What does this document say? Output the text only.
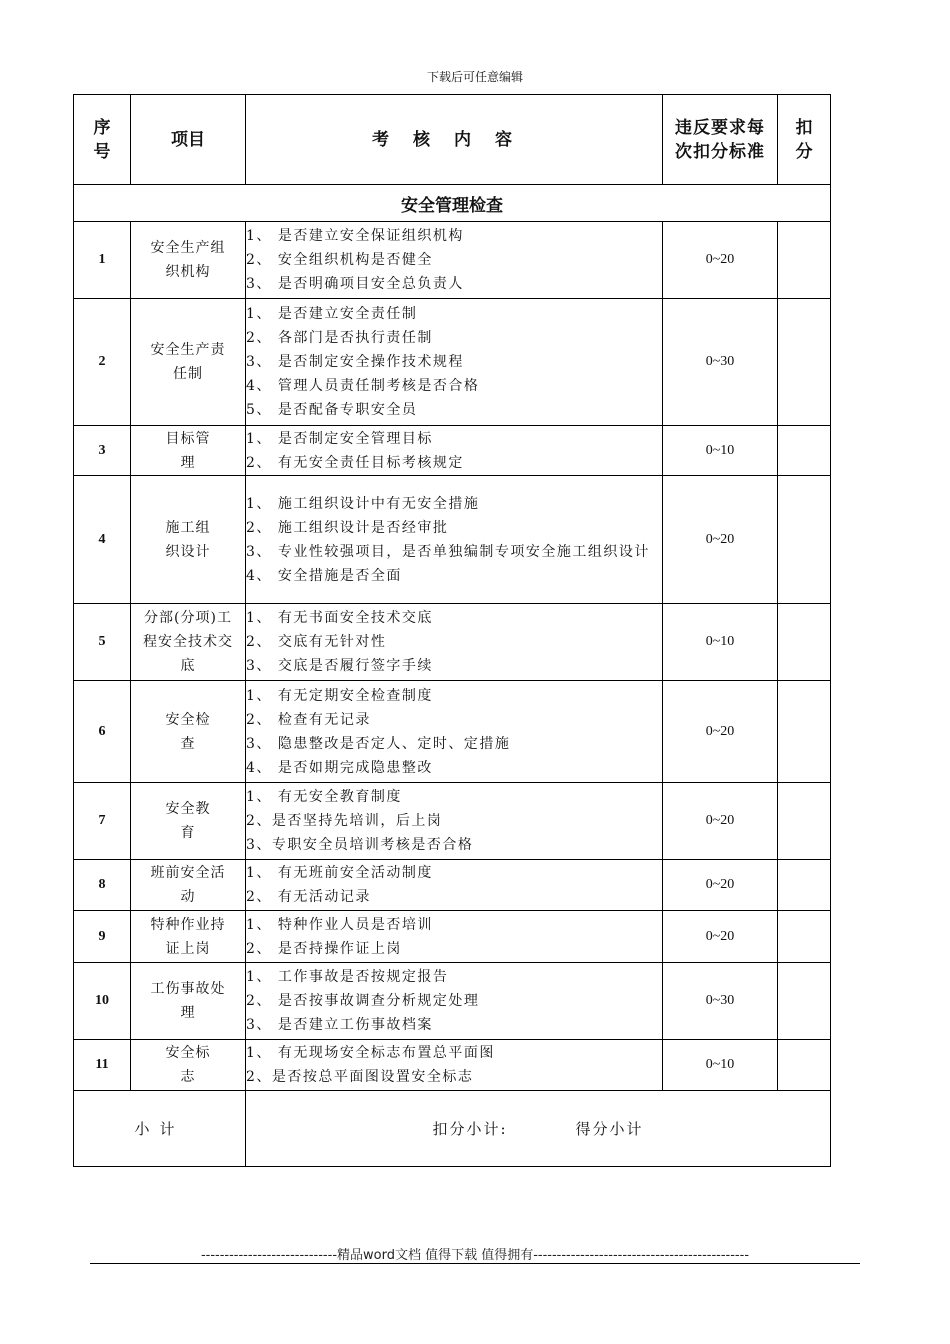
下载后可任意编辑
序号	项目	考核内容	违反要求每次扣分标准	扣分

安全管理检查				
1	安全生产组织机构	1、 是否建立安全保证组织机构
2、 安全组织机构是否健全
3、 是否明确项目安全总负责人	0~20	
2	安全生产责任制	1、 是否建立安全责任制
2、 各部门是否执行责任制
3、 是否制定安全操作技术规程
4、 管理人员责任制考核是否合格
5、 是否配备专职安全员	0~30	
3	目标管理	1、 是否制定安全管理目标
2、 有无安全责任目标考核规定	0~10	
4	施工组织设计	1、 施工组织设计中有无安全措施
2、 施工组织设计是否经审批
3、 专业性较强项目，是否单独编制专项安全施工组织设计
4、 安全措施是否全面	0~20	
5	分部(分项)工程安全技术交底	1、 有无书面安全技术交底
2、 交底有无针对性
3、 交底是否履行签字手续	0~10	
6	安全检查	1、 有无定期安全检查制度
2、 检查有无记录
3、 隐患整改是否定人、定时、定措施
4、 是否如期完成隐患整改	0~20	
7	安全教育	1、 有无安全教育制度
2、是否坚持先培训，后上岗
3、专职安全员培训考核是否合格	0~20	
8	班前安全活动	1、 有无班前安全活动制度
2、 有无活动记录	0~20	
9	特种作业持证上岗	1、 特种作业人员是否培训
2、 是否持操作证上岗	0~20	
10	工伤事故处理	1、 工作事故是否按规定报告
2、 是否按事故调查分析规定处理
3、 是否建立工伤事故档案	0~30	
11	安全标志	1、 有无现场安全标志布置总平面图
2、是否按总平面图设置安全标志	0~10	
小计		扣分小计: 得分小计		
-----------------------------精品word文档 值得下载 值得拥有----------------------------------------------
